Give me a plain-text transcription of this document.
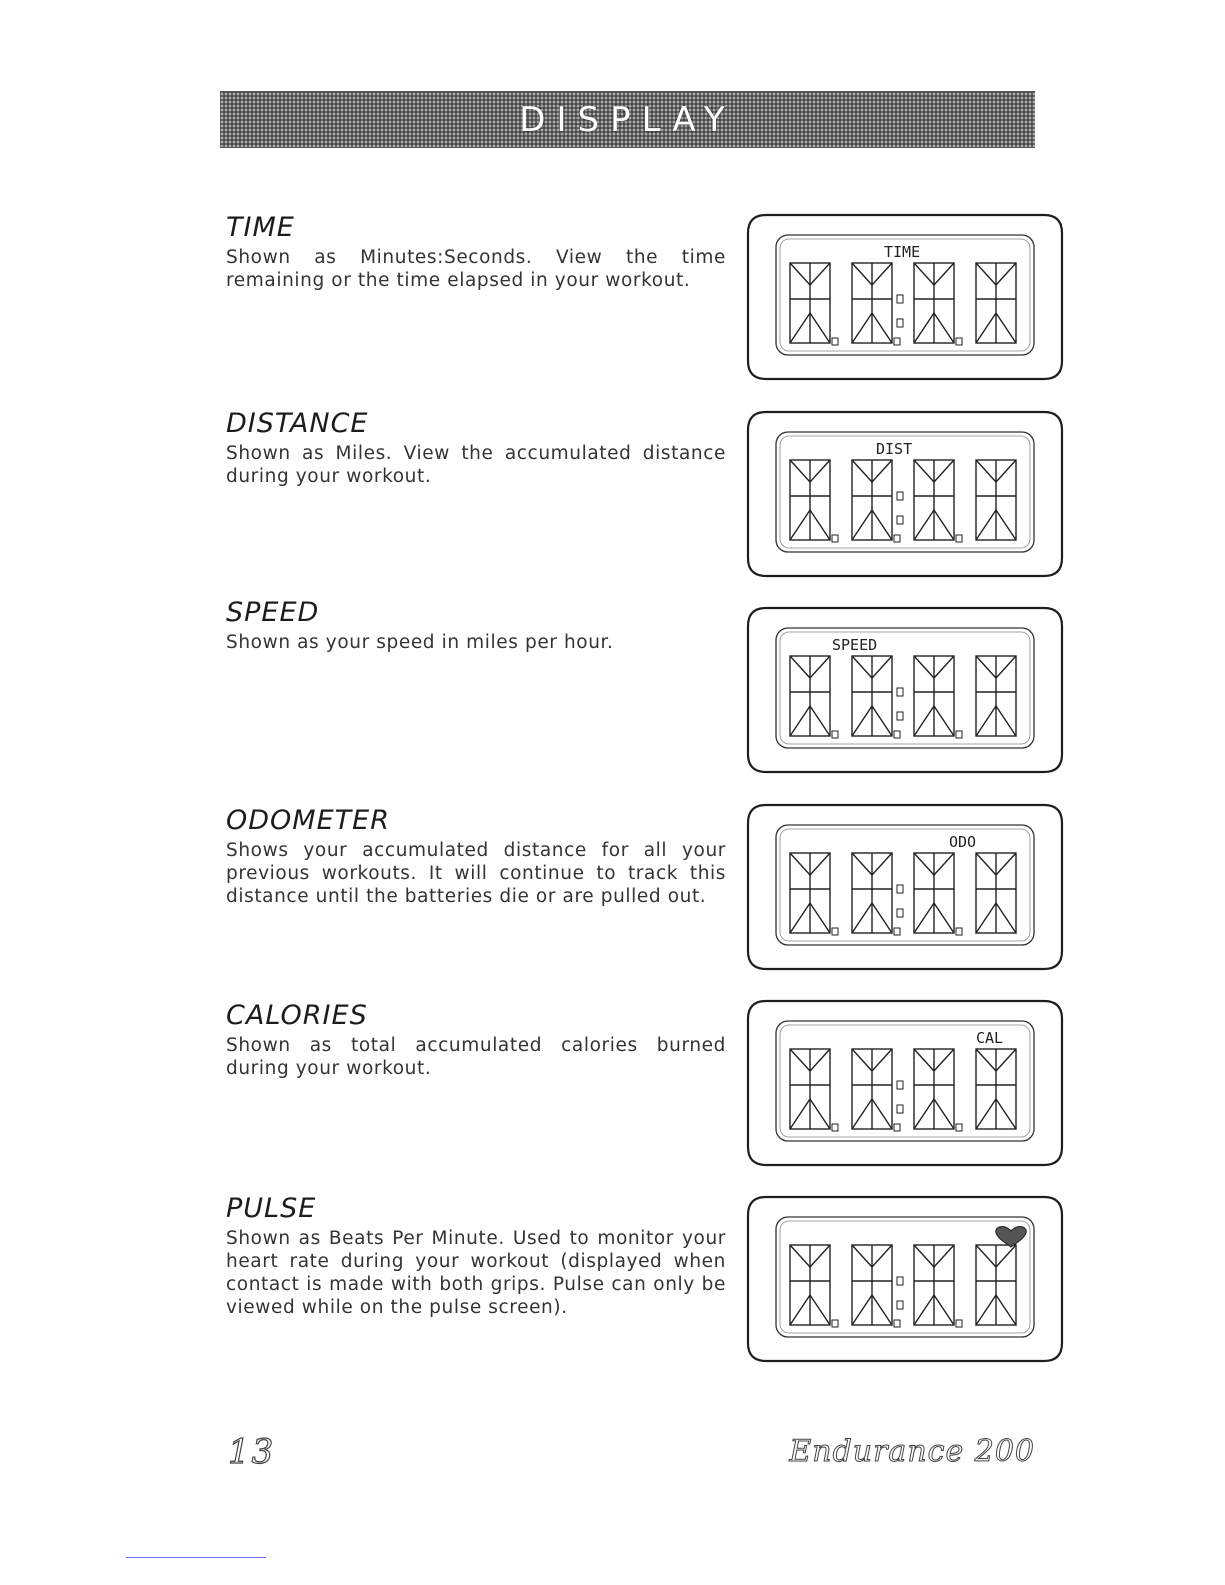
DISPLAY
TIME

Shown as Minutes:Seconds. View the time remaining or the time elapsed in your workout.

TIME
DISTANCE

Shown as Miles. View the accumulated distance during your workout.

DIST
SPEED

Shown as your speed in miles per hour.	SPEED
ODOMETER

Shows your accumulated distance for all your previous workouts. It will continue to track this distance until the batteries die or are pulled out.

ODO
CALORIES

Shown as total accumulated calories burned during your workout.

CAL
PULSE

Shown as Beats Per Minute. Used to monitor your heart rate during your workout (displayed when contact is made with both grips. Pulse can only be viewed while on the pulse screen).

13	Endurance 200
